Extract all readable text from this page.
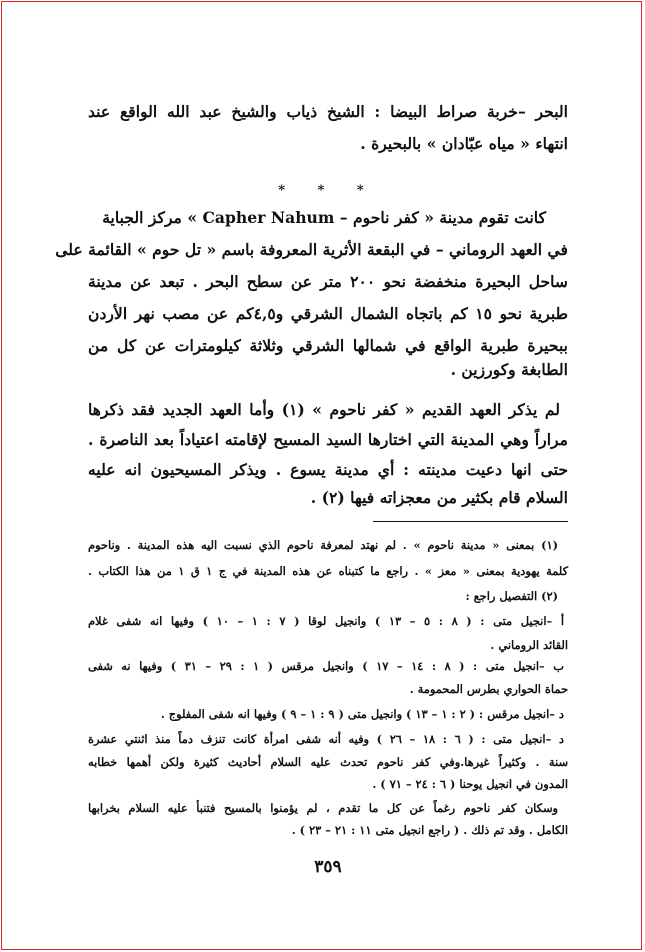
البحر –خربة صراط البيضا : الشيخ ذياب والشيخ عبد الله الواقع عند
انتهاء « مياه عبّادان » بالبحيرة .
* * *
كانت تقوم مدينة « كفر ناحوم – Capher Nahum » مركز الجباية
في العهد الروماني – في البقعة الأثرية المعروفة باسم « تل حوم » القائمة على
ساحل البحيرة منخفضة نحو ٢٠٠ متر عن سطح البحر . تبعد عن مدينة
طبرية نحو ١٥ كم باتجاه الشمال الشرقي و٤,٥كم عن مصب نهر الأردن
ببحيرة طبرية الواقع في شمالها الشرقي وثلاثة كيلومترات عن كل من
الطابغة وكورزين .
لم يذكر العهد القديم « كفر ناحوم » (١) وأما العهد الجديد فقد ذكرها
مراراً وهي المدينة التي اختارها السيد المسيح لإقامته اعتياداً بعد الناصرة .
حتى انها دعيت مدينته : أي مدينة يسوع . ويذكر المسيحيون انه عليه
السلام قام بكثير من معجزاته فيها (٢) .
(١) بمعنى « مدينة ناحوم » . لم نهتد لمعرفة ناحوم الذي نسبت اليه هذه المدينة . وناحوم
كلمة يهودية بمعنى « معز » . راجع ما كتبناه عن هذه المدينة في ج ١ ق ١ من هذا الكتاب .
(٢) التفصيل راجع :
أ –انجيل متى : ( ٨ : ٥ – ١٣ ) وانجيل لوقا ( ٧ : ١ – ١٠ ) وفيها انه شفى غلام
القائد الروماني .
ب –انجيل متى : ( ٨ : ١٤ – ١٧ ) وانجيل مرقس ( ١ : ٢٩ – ٣١ ) وفيها نه شفى
حماة الحواري بطرس المحمومة .
د –انجيل مرقس : ( ٢ : ١ – ١٣ ) وانجيل متى ( ٩ : ١ – ٩ ) وفيها انه شفى المفلوج .
د –انجيل متى : ( ٦ : ١٨ – ٢٦ ) وفيه أنه شفى امرأة كانت تنزف دماً منذ اثنتي عشرة
سنة . وكثيراً غيرها.وفي كفر ناحوم تحدث عليه السلام أحاديث كثيرة ولكن أهمها خطابه
المدون في انجيل يوحنا ( ٦ : ٢٤ – ٧١ ) .
وسكان كفر ناحوم رغماً عن كل ما تقدم ، لم يؤمنوا بالمسيح فتنبأ عليه السلام بخرابها
الكامل . وقد تم ذلك . ( راجع انجيل متى ١١ : ٢١ – ٢٣ ) .
٣٥٩
